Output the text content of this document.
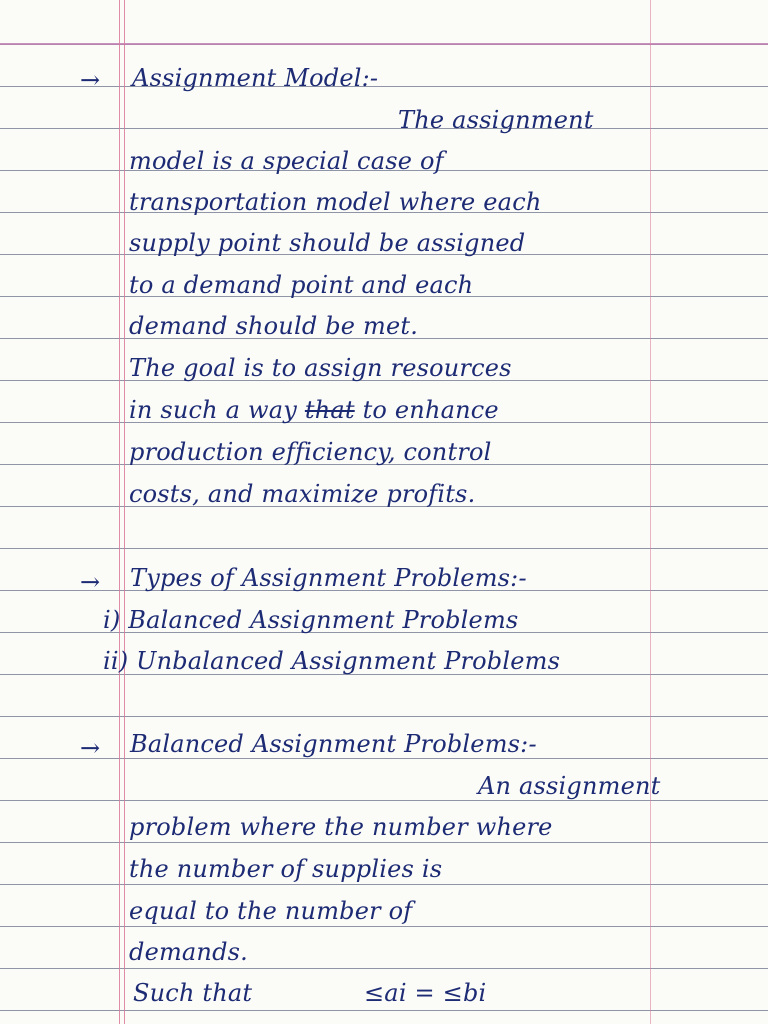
→ Assignment Model:-
The assignment
model is a special case of
transportation model where each
supply point should be assigned
to a demand point and each
demand should be met.
The goal is to assign resources
in such a way that to enhance
production efficiency, control
costs, and maximize profits.
→ Types of Assignment Problems:-
i) Balanced Assignment Problems
ii) Unbalanced Assignment Problems
→ Balanced Assignment Problems:-
An assignment
problem where the number where
the number of supplies is
equal to the number of
demands.
Such that	≤ai = ≤bi
